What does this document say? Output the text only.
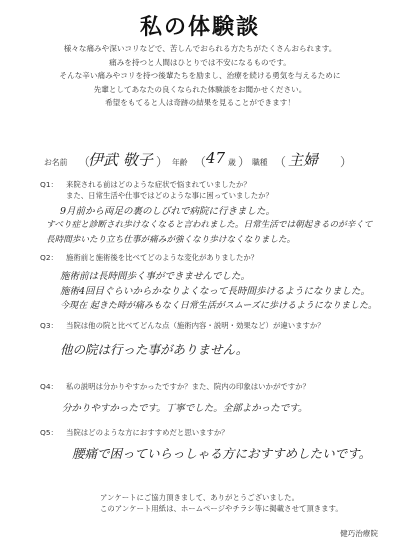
私の体験談
様々な痛みや深いコリなどで、苦しんでおられる方たちがたくさんおられます。
痛みを持つと人間はひとりでは不安になるものです。
そんな辛い痛みやコリを持つ後輩たちを励まし、治療を続ける勇気を与えるために
先輩としてあなたの良くなられた体験談をお聞かせください。
希望をもてると人は奇跡の結果を見ることができます！
お名前 （
伊武 敬子 ） 年齢 （ 47 歳 ） 職種 （ 主婦 ）
Q1： 来院される前はどのような症状で悩まれていましたか？
また、日常生活や仕事ではどのような事に困っていましたか？
9月前から両足の裏のしびれで病院に行きました。
すべり症と診断され歩けなくなると言われました。日常生活では朝起きるのが辛くて
長時間歩いたり立ち仕事が痛みが強くなり歩けなくなりました。
Q2： 施術前と施術後を比べてどのような変化がありましたか？
施術前は長時間歩く事ができませんでした。
施術4回目ぐらいからかなりよくなって長時間歩けるようになりました。
今現在 起きた時が痛みもなく日常生活がスムーズに歩けるようになりました。
Q3： 当院は他の院と比べてどんな点（施術内容・説明・効果など）が違いますか？
他の院は行った事がありません。
Q4： 私の説明は分かりやすかったですか？また、院内の印象はいかがですか？
分かりやすかったです。丁寧でした。全部よかったです。
Q5： 当院はどのような方におすすめだと思いますか？
腰痛で困っていらっしゃる方におすすめしたいです。
アンケートにご協力頂きまして、ありがとうございました。
このアンケート用紙は、ホームページやチラシ等に掲載させて頂きます。
健巧治療院
